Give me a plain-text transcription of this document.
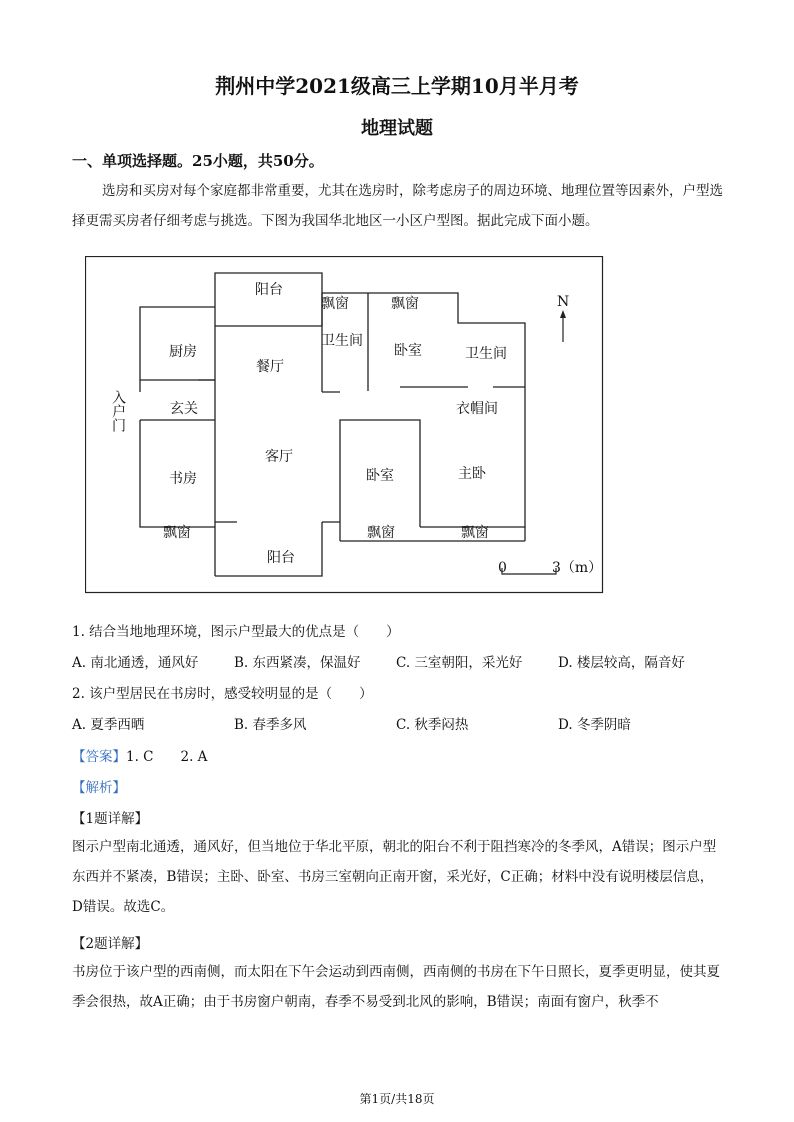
荆州中学2021级高三上学期10月半月考
地理试题
一、单项选择题。25小题，共50分。
选房和买房对每个家庭都非常重要，尤其在选房时，除考虑房子的周边环境、地理位置等因素外，户型选择更需买房者仔细考虑与挑选。下图为我国华北地区一小区户型图。据此完成下面小题。
阳台
飘窗	飘窗
厨房
餐厅
卫生间
卧室	卫生间
玄关	衣帽间
客厅
书房	卧室	主卧
飘窗	飘窗	飘窗
阳台
入户门
N
0	3（m）
1. 结合当地地理环境，图示户型最大的优点是（　　）
A. 南北通透，通风好	B. 东西紧凑，保温好	C. 三室朝阳，采光好	D. 楼层较高，隔音好
2. 该户型居民在书房时，感受较明显的是（　　）
A. 夏季西晒	B. 春季多风	C. 秋季闷热	D. 冬季阴暗
【答案】1. C　　2. A
【解析】
【1题详解】
图示户型南北通透，通风好，但当地位于华北平原，朝北的阳台不利于阻挡寒冷的冬季风，A错误；图示户型东西并不紧凑，B错误；主卧、卧室、书房三室朝向正南开窗，采光好，C正确；材料中没有说明楼层信息，D错误。故选C。
【2题详解】
书房位于该户型的西南侧，而太阳在下午会运动到西南侧，西南侧的书房在下午日照长，夏季更明显，使其夏季会很热，故A正确；由于书房窗户朝南，春季不易受到北风的影响，B错误；南面有窗户，秋季不
第1页/共18页
